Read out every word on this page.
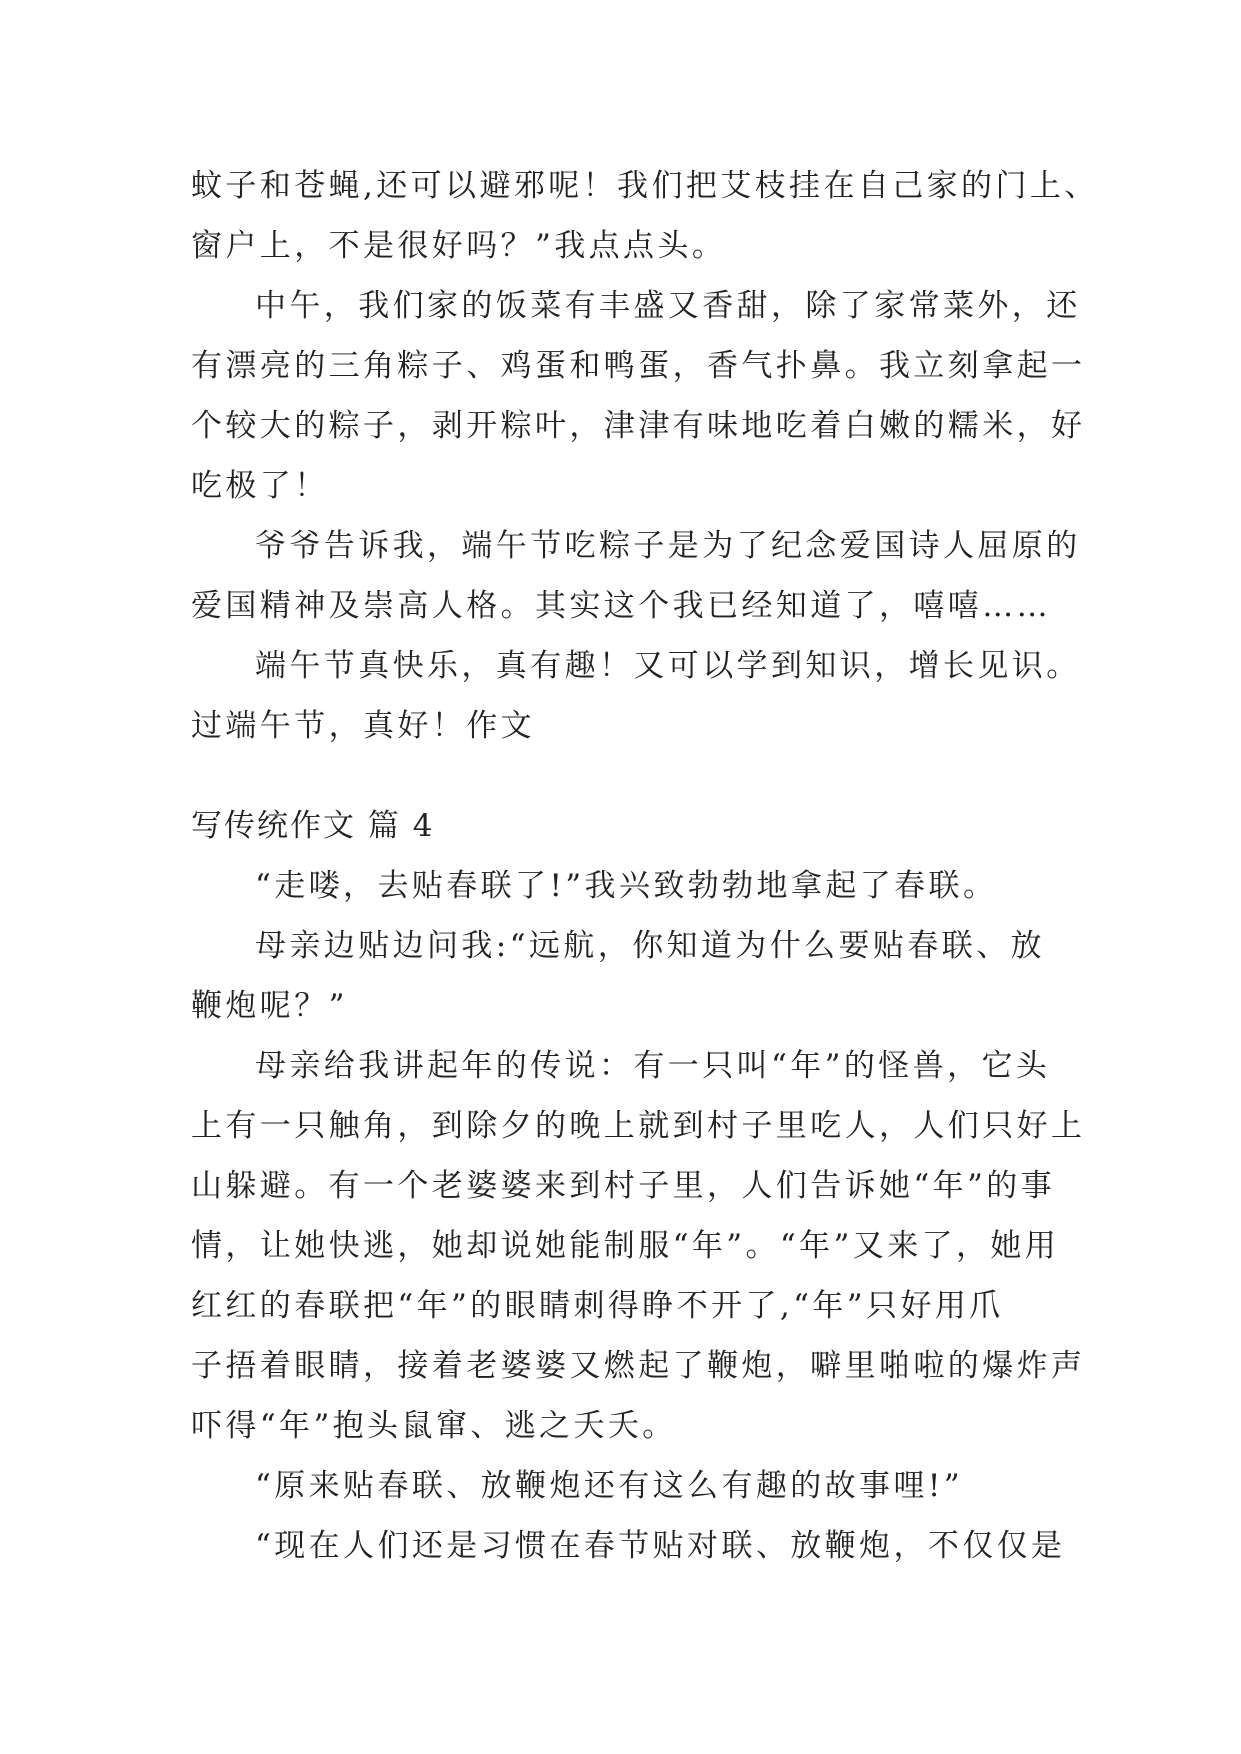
蚊子和苍蝇,还可以避邪呢！我们把艾枝挂在自己家的门上、
窗户上，不是很好吗？”我点点头。
中午，我们家的饭菜有丰盛又香甜，除了家常菜外，还
有漂亮的三角粽子、鸡蛋和鸭蛋，香气扑鼻。我立刻拿起一
个较大的粽子，剥开粽叶，津津有味地吃着白嫩的糯米，好
吃极了！
爷爷告诉我，端午节吃粽子是为了纪念爱国诗人屈原的
爱国精神及崇高人格。其实这个我已经知道了，嘻嘻……
端午节真快乐，真有趣！又可以学到知识，增长见识。
过端午节，真好！作文
写传统作文 篇 4
“走喽，去贴春联了!”我兴致勃勃地拿起了春联。
母亲边贴边问我:“远航，你知道为什么要贴春联、放
鞭炮呢？”
母亲给我讲起年的传说：有一只叫“年”的怪兽，它头
上有一只触角，到除夕的晚上就到村子里吃人，人们只好上
山躲避。有一个老婆婆来到村子里，人们告诉她“年”的事
情，让她快逃，她却说她能制服“年”。“年”又来了，她用
红红的春联把“年”的眼睛刺得睁不开了,“年”只好用爪
子捂着眼睛，接着老婆婆又燃起了鞭炮，噼里啪啦的爆炸声
吓得“年”抱头鼠窜、逃之夭夭。
“原来贴春联、放鞭炮还有这么有趣的故事哩!”
“现在人们还是习惯在春节贴对联、放鞭炮，不仅仅是
